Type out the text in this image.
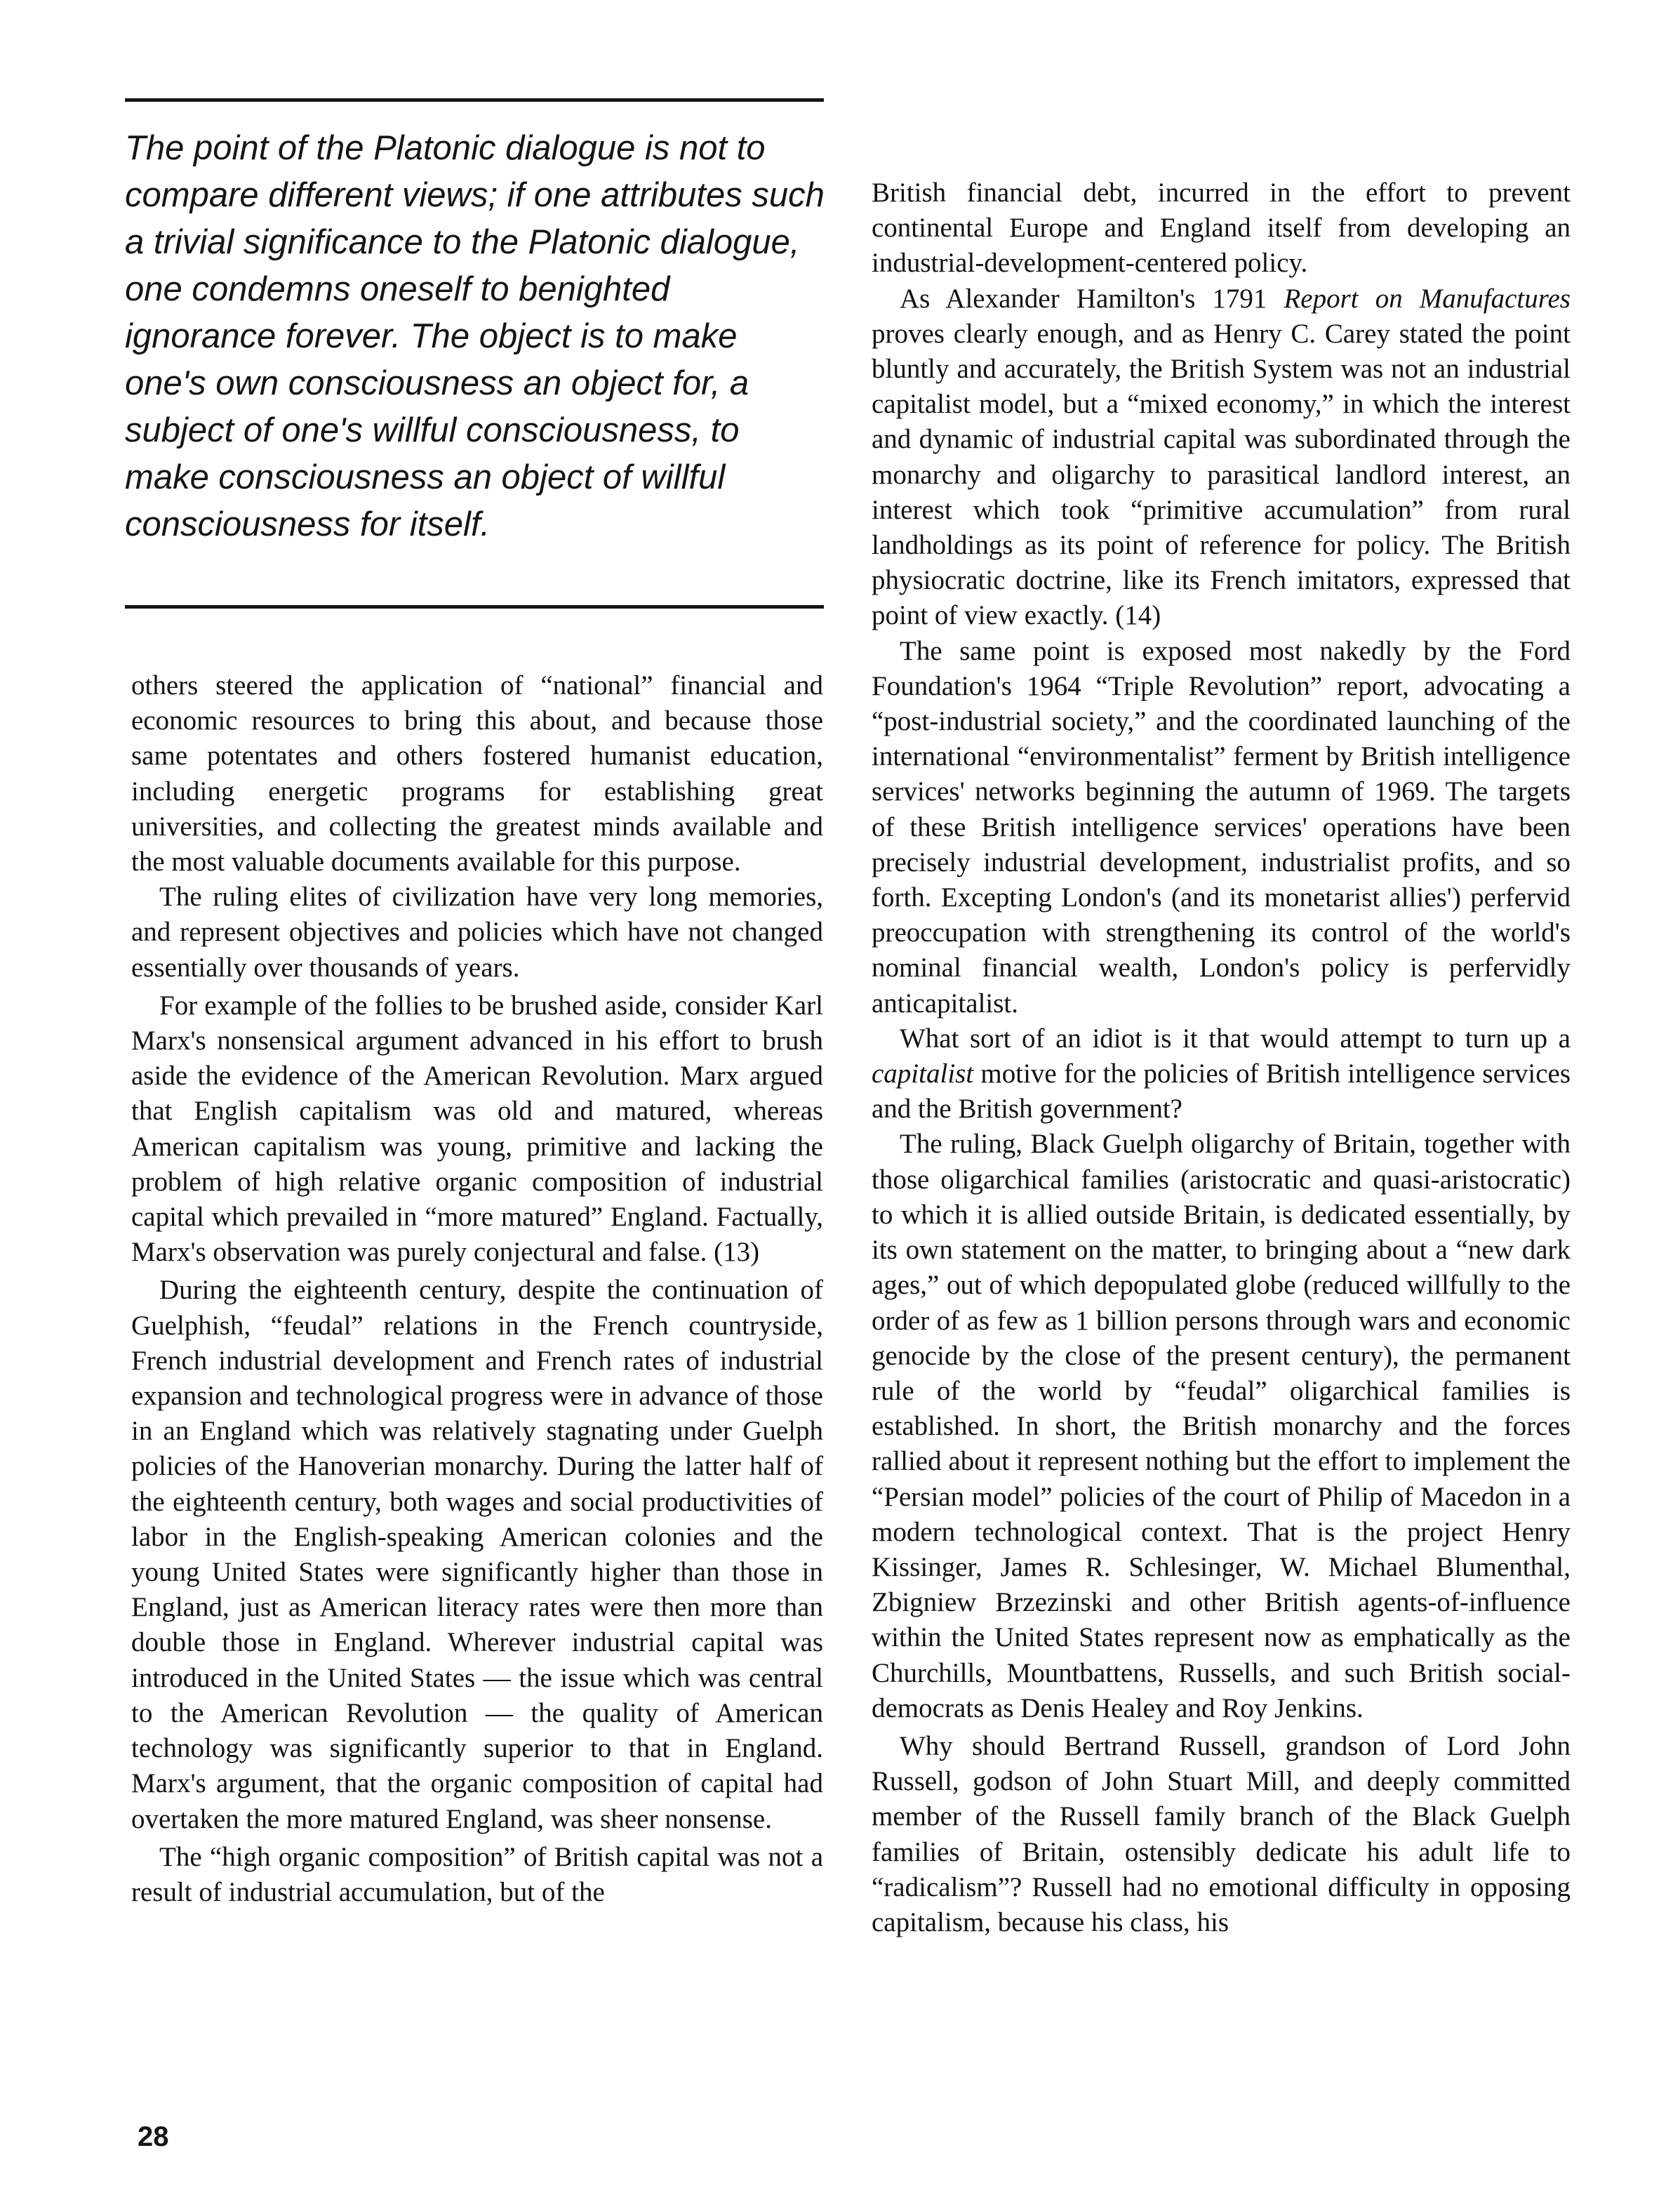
The point of the Platonic dialogue is not to compare different views; if one attributes such a trivial significance to the Platonic dialogue, one condemns oneself to benighted ignorance forever. The object is to make one's own consciousness an object for, a subject of one's willful consciousness, to make consciousness an object of willful consciousness for itself.

others steered the application of “national” financial and economic resources to bring this about, and because those same potentates and others fostered humanist education, including energetic programs for establishing great universities, and collecting the greatest minds available and the most valuable documents available for this purpose.

The ruling elites of civilization have very long memories, and represent objectives and policies which have not changed essentially over thousands of years.

For example of the follies to be brushed aside, consider Karl Marx's nonsensical argument advanced in his effort to brush aside the evidence of the American Revolution. Marx argued that English capitalism was old and matured, whereas American capitalism was young, primitive and lacking the problem of high relative organic composition of industrial capital which prevailed in “more matured” England. Factually, Marx's observation was purely conjectural and false. (13)

During the eighteenth century, despite the continuation of Guelphish, “feudal” relations in the French countryside, French industrial development and French rates of industrial expansion and technological progress were in advance of those in an England which was relatively stagnating under Guelph policies of the Hanoverian monarchy. During the latter half of the eighteenth century, both wages and social productivities of labor in the English-speaking American colonies and the young United States were significantly higher than those in England, just as American literacy rates were then more than double those in England. Wherever industrial capital was introduced in the United States — the issue which was central to the American Revolution — the quality of American technology was significantly superior to that in England. Marx's argument, that the organic composition of capital had overtaken the more matured England, was sheer nonsense.

The “high organic composition” of British capital was not a result of industrial accumulation, but of the

British financial debt, incurred in the effort to prevent continental Europe and England itself from developing an industrial-development-centered policy.

As Alexander Hamilton's 1791 Report on Manufactures proves clearly enough, and as Henry C. Carey stated the point bluntly and accurately, the British System was not an industrial capitalist model, but a “mixed economy,” in which the interest and dynamic of industrial capital was subordinated through the monarchy and oligarchy to parasitical landlord interest, an interest which took “primitive accumulation” from rural landholdings as its point of reference for policy. The British physiocratic doctrine, like its French imitators, expressed that point of view exactly. (14)

The same point is exposed most nakedly by the Ford Foundation's 1964 “Triple Revolution” report, advocating a “post-industrial society,” and the coordinated launching of the international “environmentalist” ferment by British intelligence services' networks beginning the autumn of 1969. The targets of these British intelligence services' operations have been precisely industrial development, industrialist profits, and so forth. Excepting London's (and its monetarist allies') perfervid preoccupation with strengthening its control of the world's nominal financial wealth, London's policy is perfervidly anticapitalist.

What sort of an idiot is it that would attempt to turn up a capitalist motive for the policies of British intelligence services and the British government?

The ruling, Black Guelph oligarchy of Britain, together with those oligarchical families (aristocratic and quasi-aristocratic) to which it is allied outside Britain, is dedicated essentially, by its own statement on the matter, to bringing about a “new dark ages,” out of which depopulated globe (reduced willfully to the order of as few as 1 billion persons through wars and economic genocide by the close of the present century), the permanent rule of the world by “feudal” oligarchical families is established. In short, the British monarchy and the forces rallied about it represent nothing but the effort to implement the “Persian model” policies of the court of Philip of Macedon in a modern technological context. That is the project Henry Kissinger, James R. Schlesinger, W. Michael Blumenthal, Zbigniew Brzezinski and other British agents-of-influence within the United States represent now as emphatically as the Churchills, Mountbattens, Russells, and such British social-democrats as Denis Healey and Roy Jenkins.

Why should Bertrand Russell, grandson of Lord John Russell, godson of John Stuart Mill, and deeply committed member of the Russell family branch of the Black Guelph families of Britain, ostensibly dedicate his adult life to “radicalism”? Russell had no emotional difficulty in opposing capitalism, because his class, his

28
